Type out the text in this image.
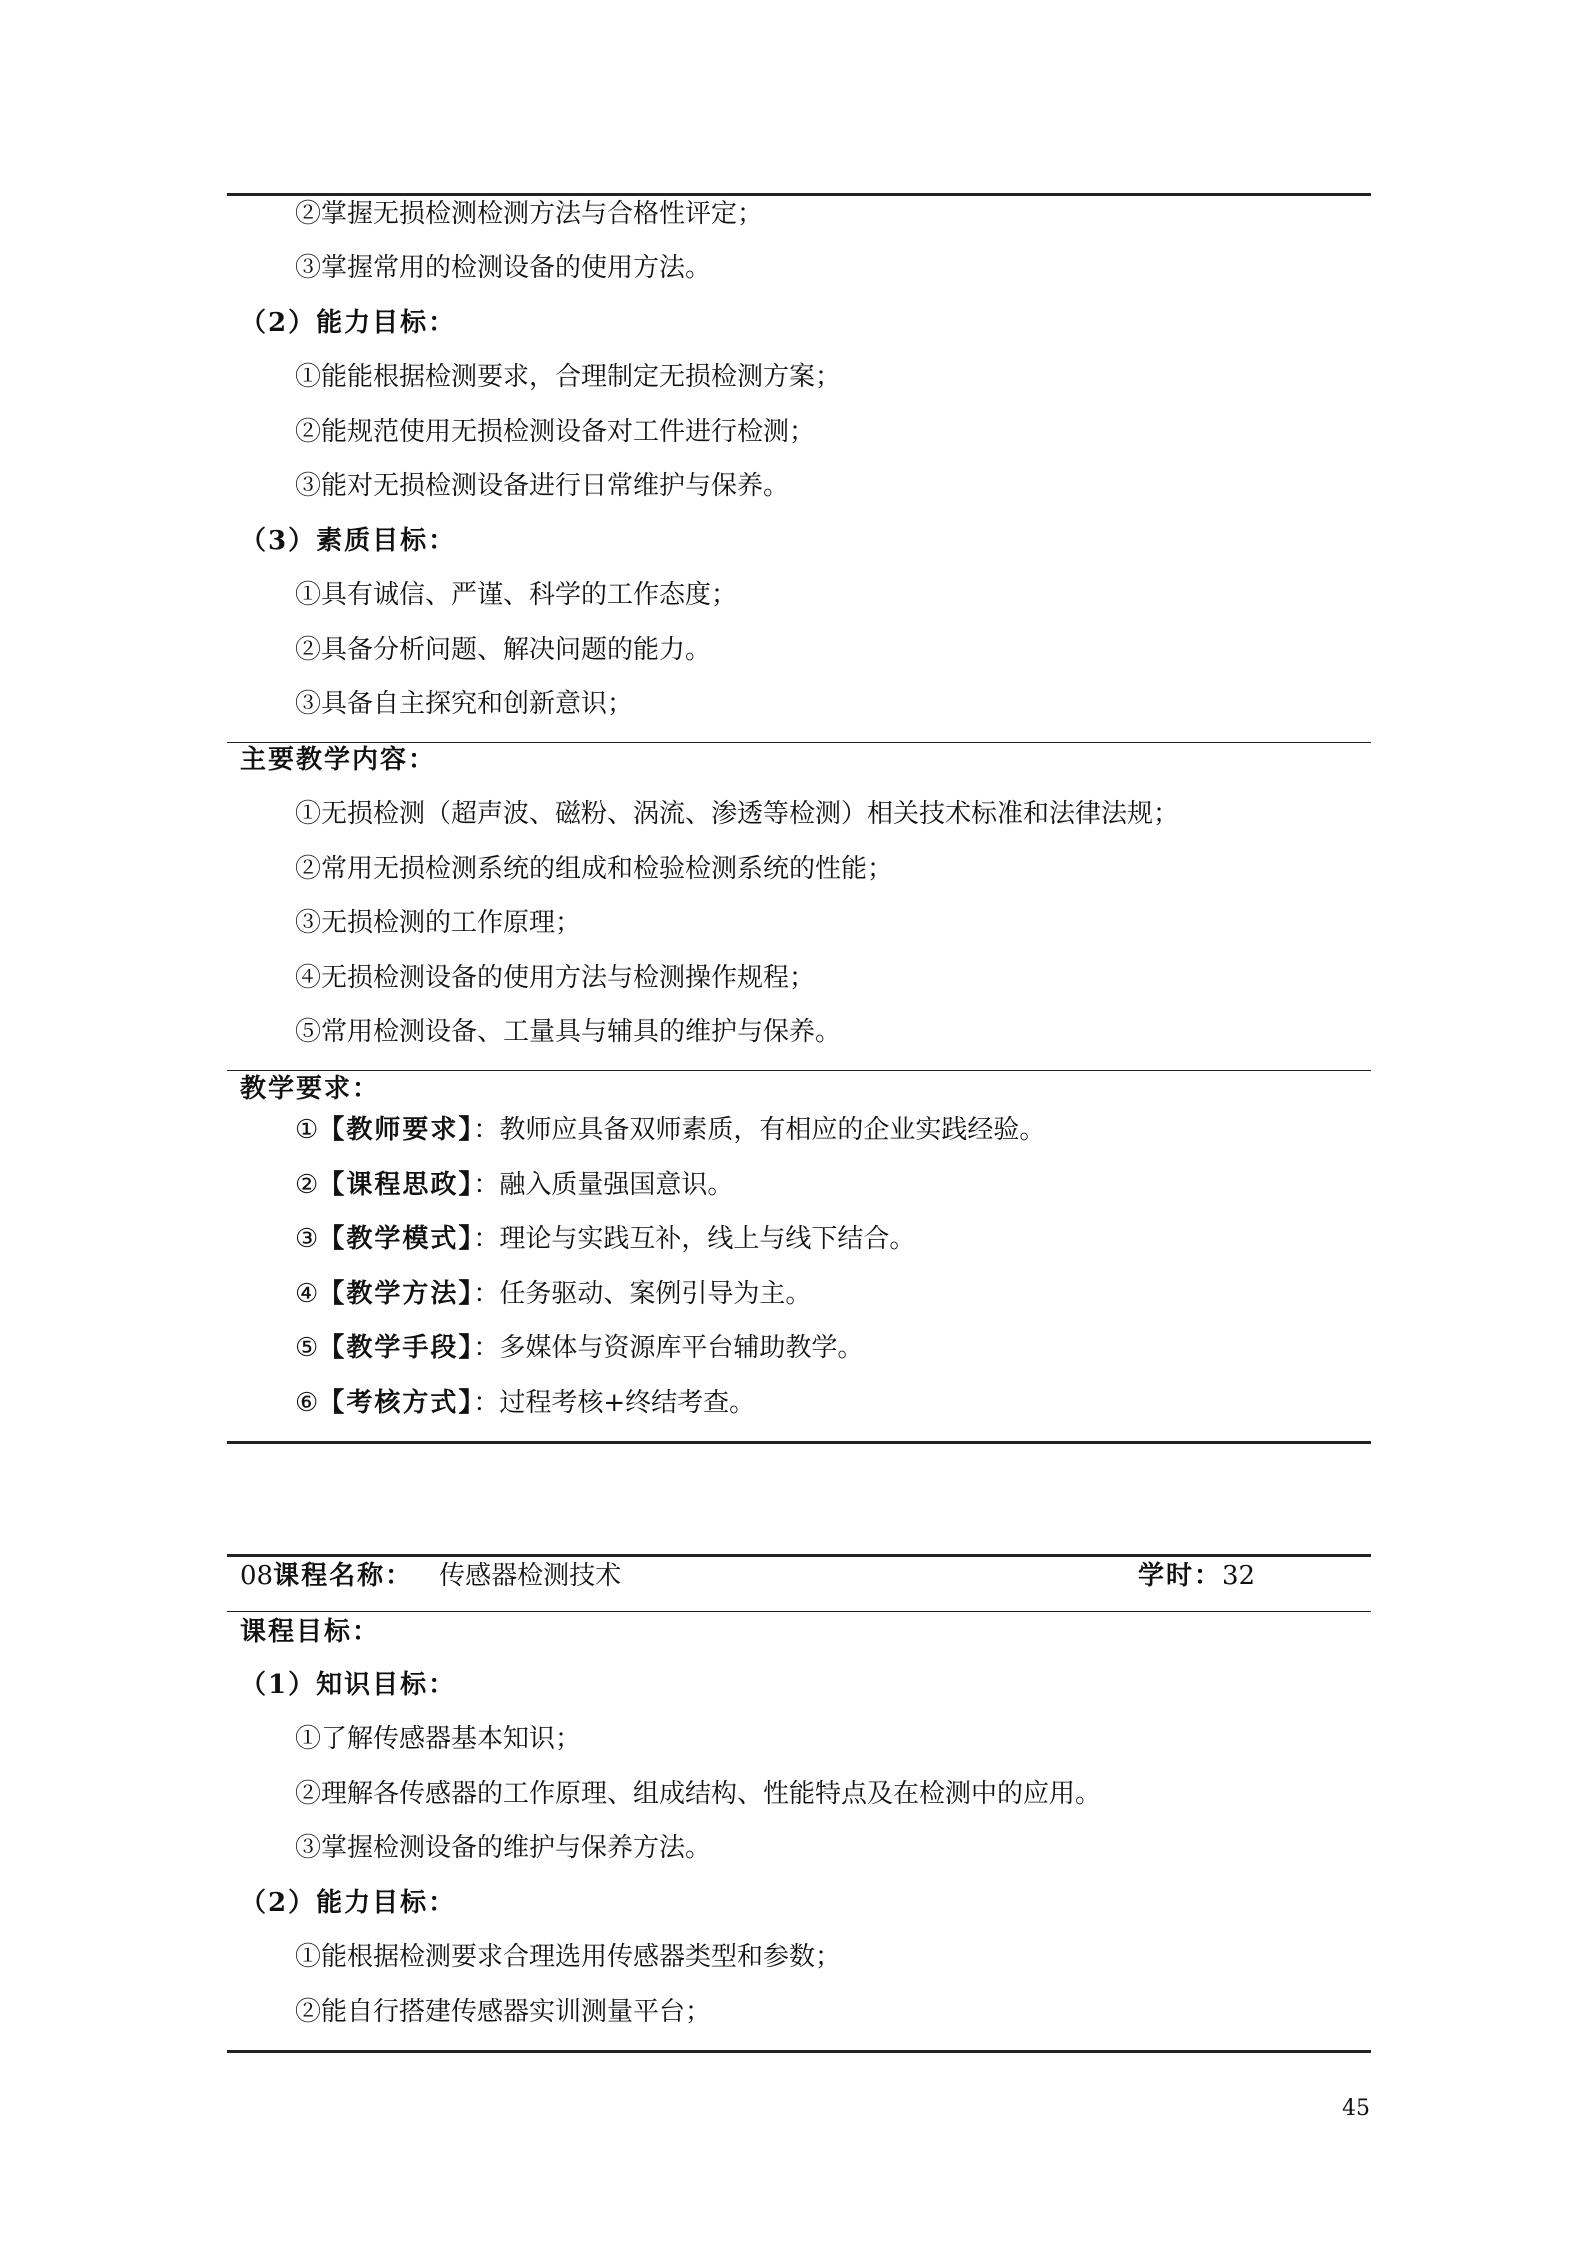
②掌握无损检测检测方法与合格性评定；
③掌握常用的检测设备的使用方法。
（2）能力目标：
①能能根据检测要求，合理制定无损检测方案；
②能规范使用无损检测设备对工件进行检测；
③能对无损检测设备进行日常维护与保养。
（3）素质目标：
①具有诚信、严谨、科学的工作态度；
②具备分析问题、解决问题的能力。
③具备自主探究和创新意识；
主要教学内容：
①无损检测（超声波、磁粉、涡流、渗透等检测）相关技术标准和法律法规；
②常用无损检测系统的组成和检验检测系统的性能；
③无损检测的工作原理；
④无损检测设备的使用方法与检测操作规程；
⑤常用检测设备、工量具与辅具的维护与保养。
教学要求：
①【教师要求】：教师应具备双师素质，有相应的企业实践经验。
②【课程思政】：融入质量强国意识。
③【教学模式】：理论与实践互补，线上与线下结合。
④【教学方法】：任务驱动、案例引导为主。
⑤【教学手段】：多媒体与资源库平台辅助教学。
⑥【考核方式】：过程考核+终结考查。
08课程名称： 传感器检测技术	学时：32
课程目标：
（1）知识目标：
①了解传感器基本知识；
②理解各传感器的工作原理、组成结构、性能特点及在检测中的应用。
③掌握检测设备的维护与保养方法。
（2）能力目标：
①能根据检测要求合理选用传感器类型和参数；
②能自行搭建传感器实训测量平台；
45
